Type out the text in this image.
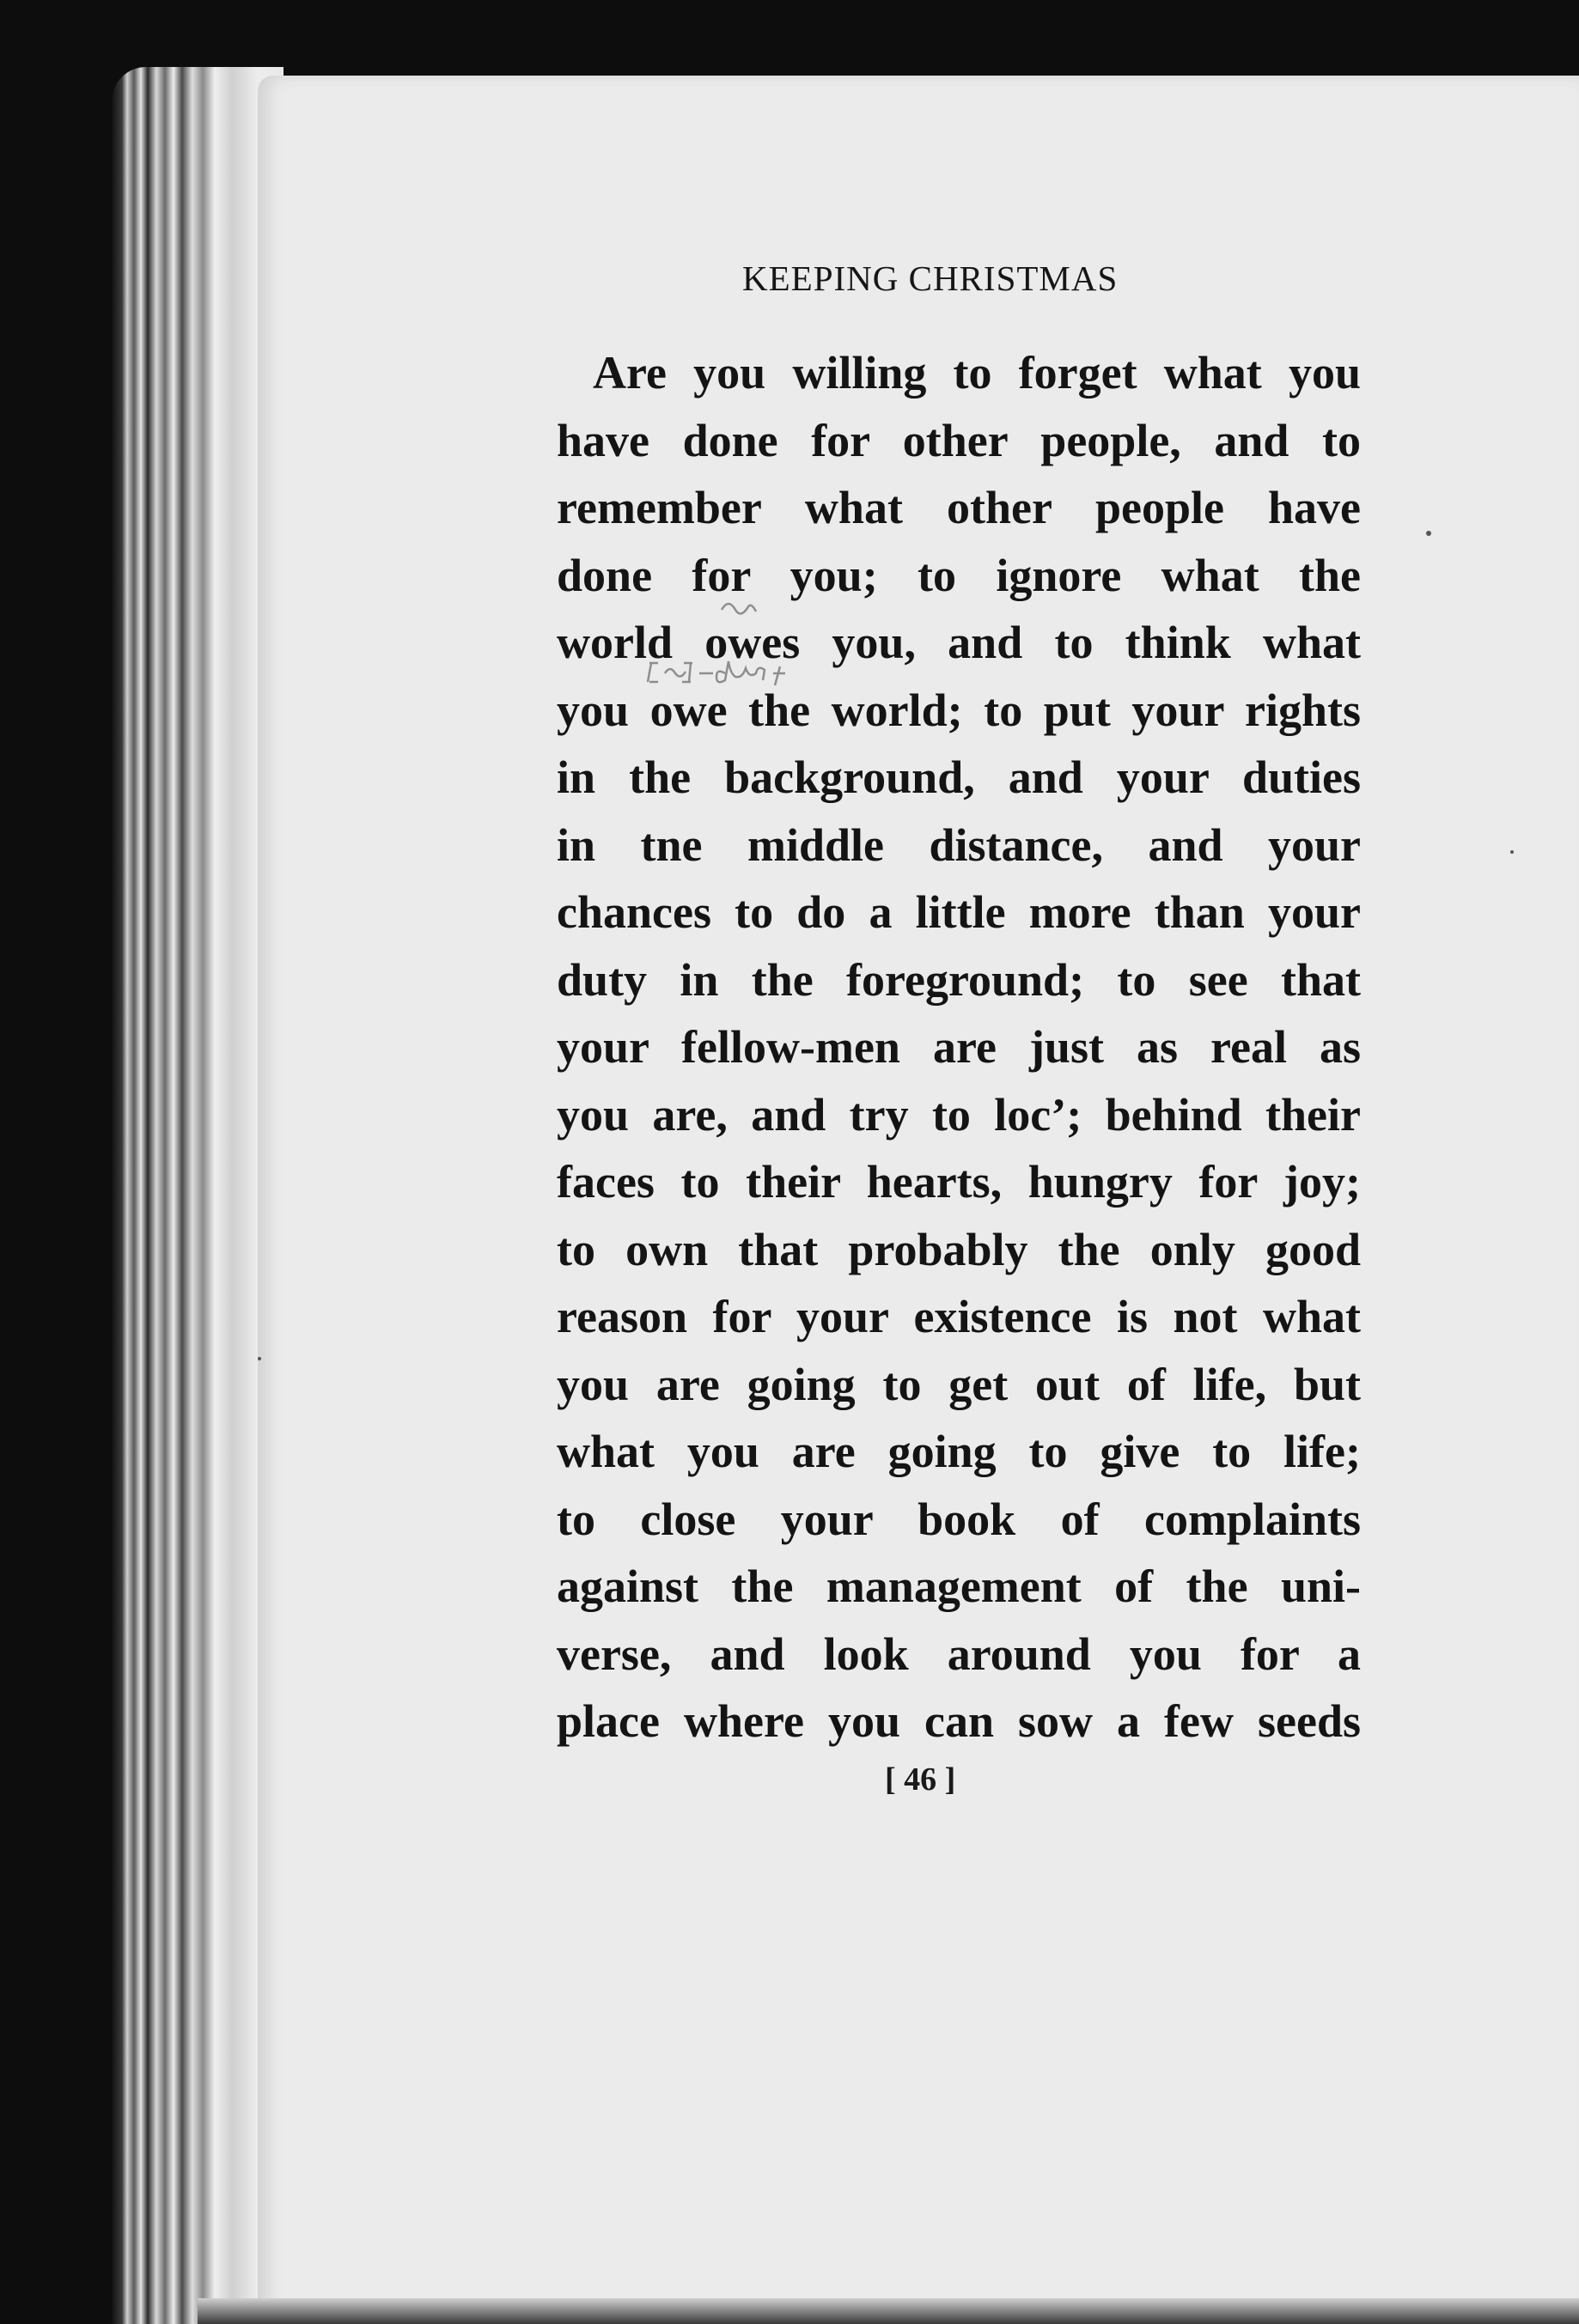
KEEPING CHRISTMAS
Are you willing to forget what you
have done for other people, and to
remember what other people have
done for you; to ignore what the
world owes you, and to think what
you owe the world; to put your rights
in the background, and your duties
in tne middle distance, and your
chances to do a little more than your
duty in the foreground; to see that
your fellow-men are just as real as
you are, and try to locʼ; behind their
faces to their hearts, hungry for joy;
to own that probably the only good
reason for your existence is not what
you are going to get out of life, but
what you are going to give to life;
to close your book of complaints
against the management of the uni-
verse, and look around you for a
place where you can sow a few seeds
[ 46 ]
